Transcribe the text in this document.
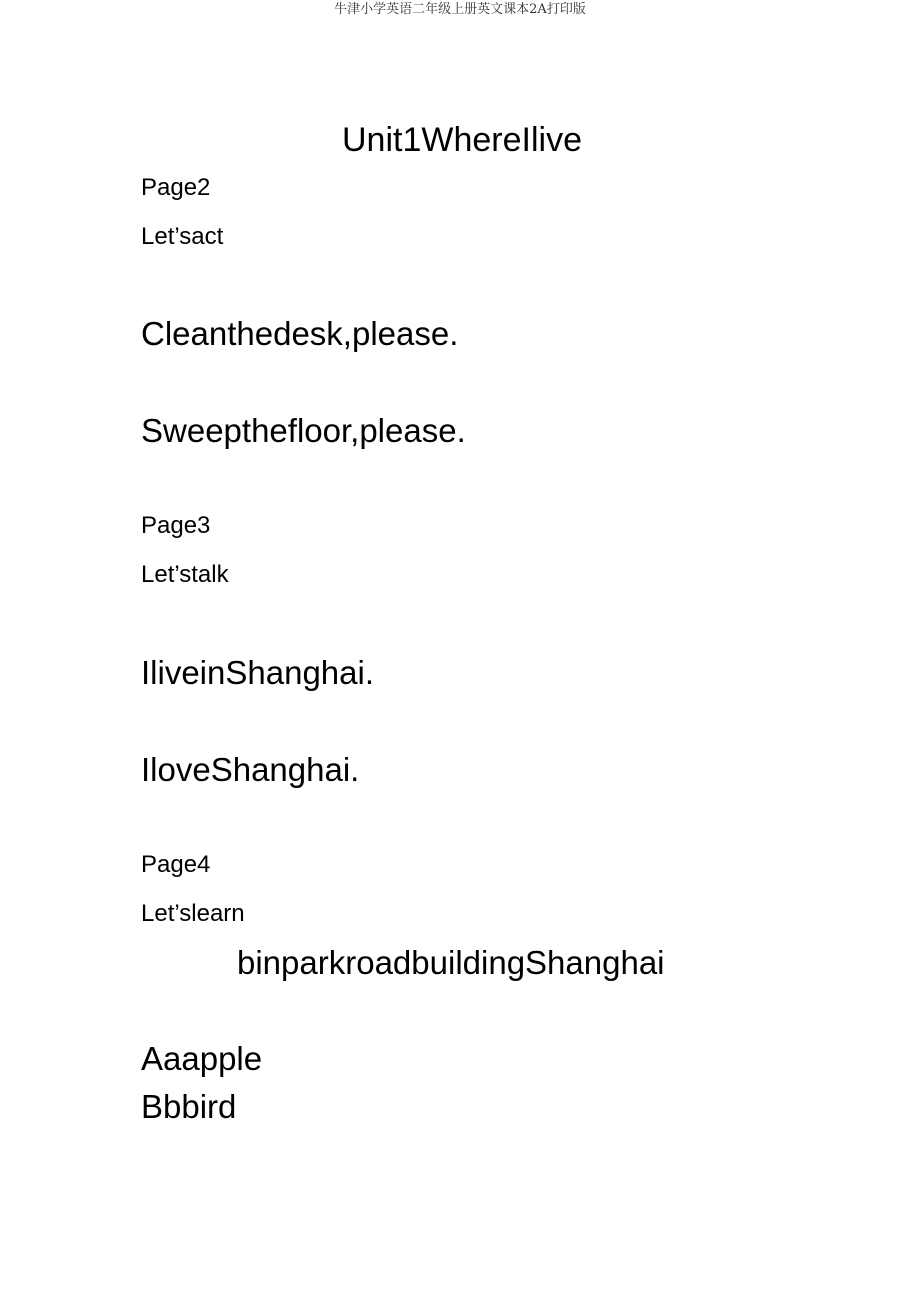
牛津小学英语二年级上册英文课本2A打印版
Unit1WhereIlive
Page2
Let’sact
Cleanthedesk,please.
Sweepthefloor,please.
Page3
Let’stalk
IliveinShanghai.
IloveShanghai.
Page4
Let’slearn
binparkroadbuildingShanghai
Aaapple
Bbbird
